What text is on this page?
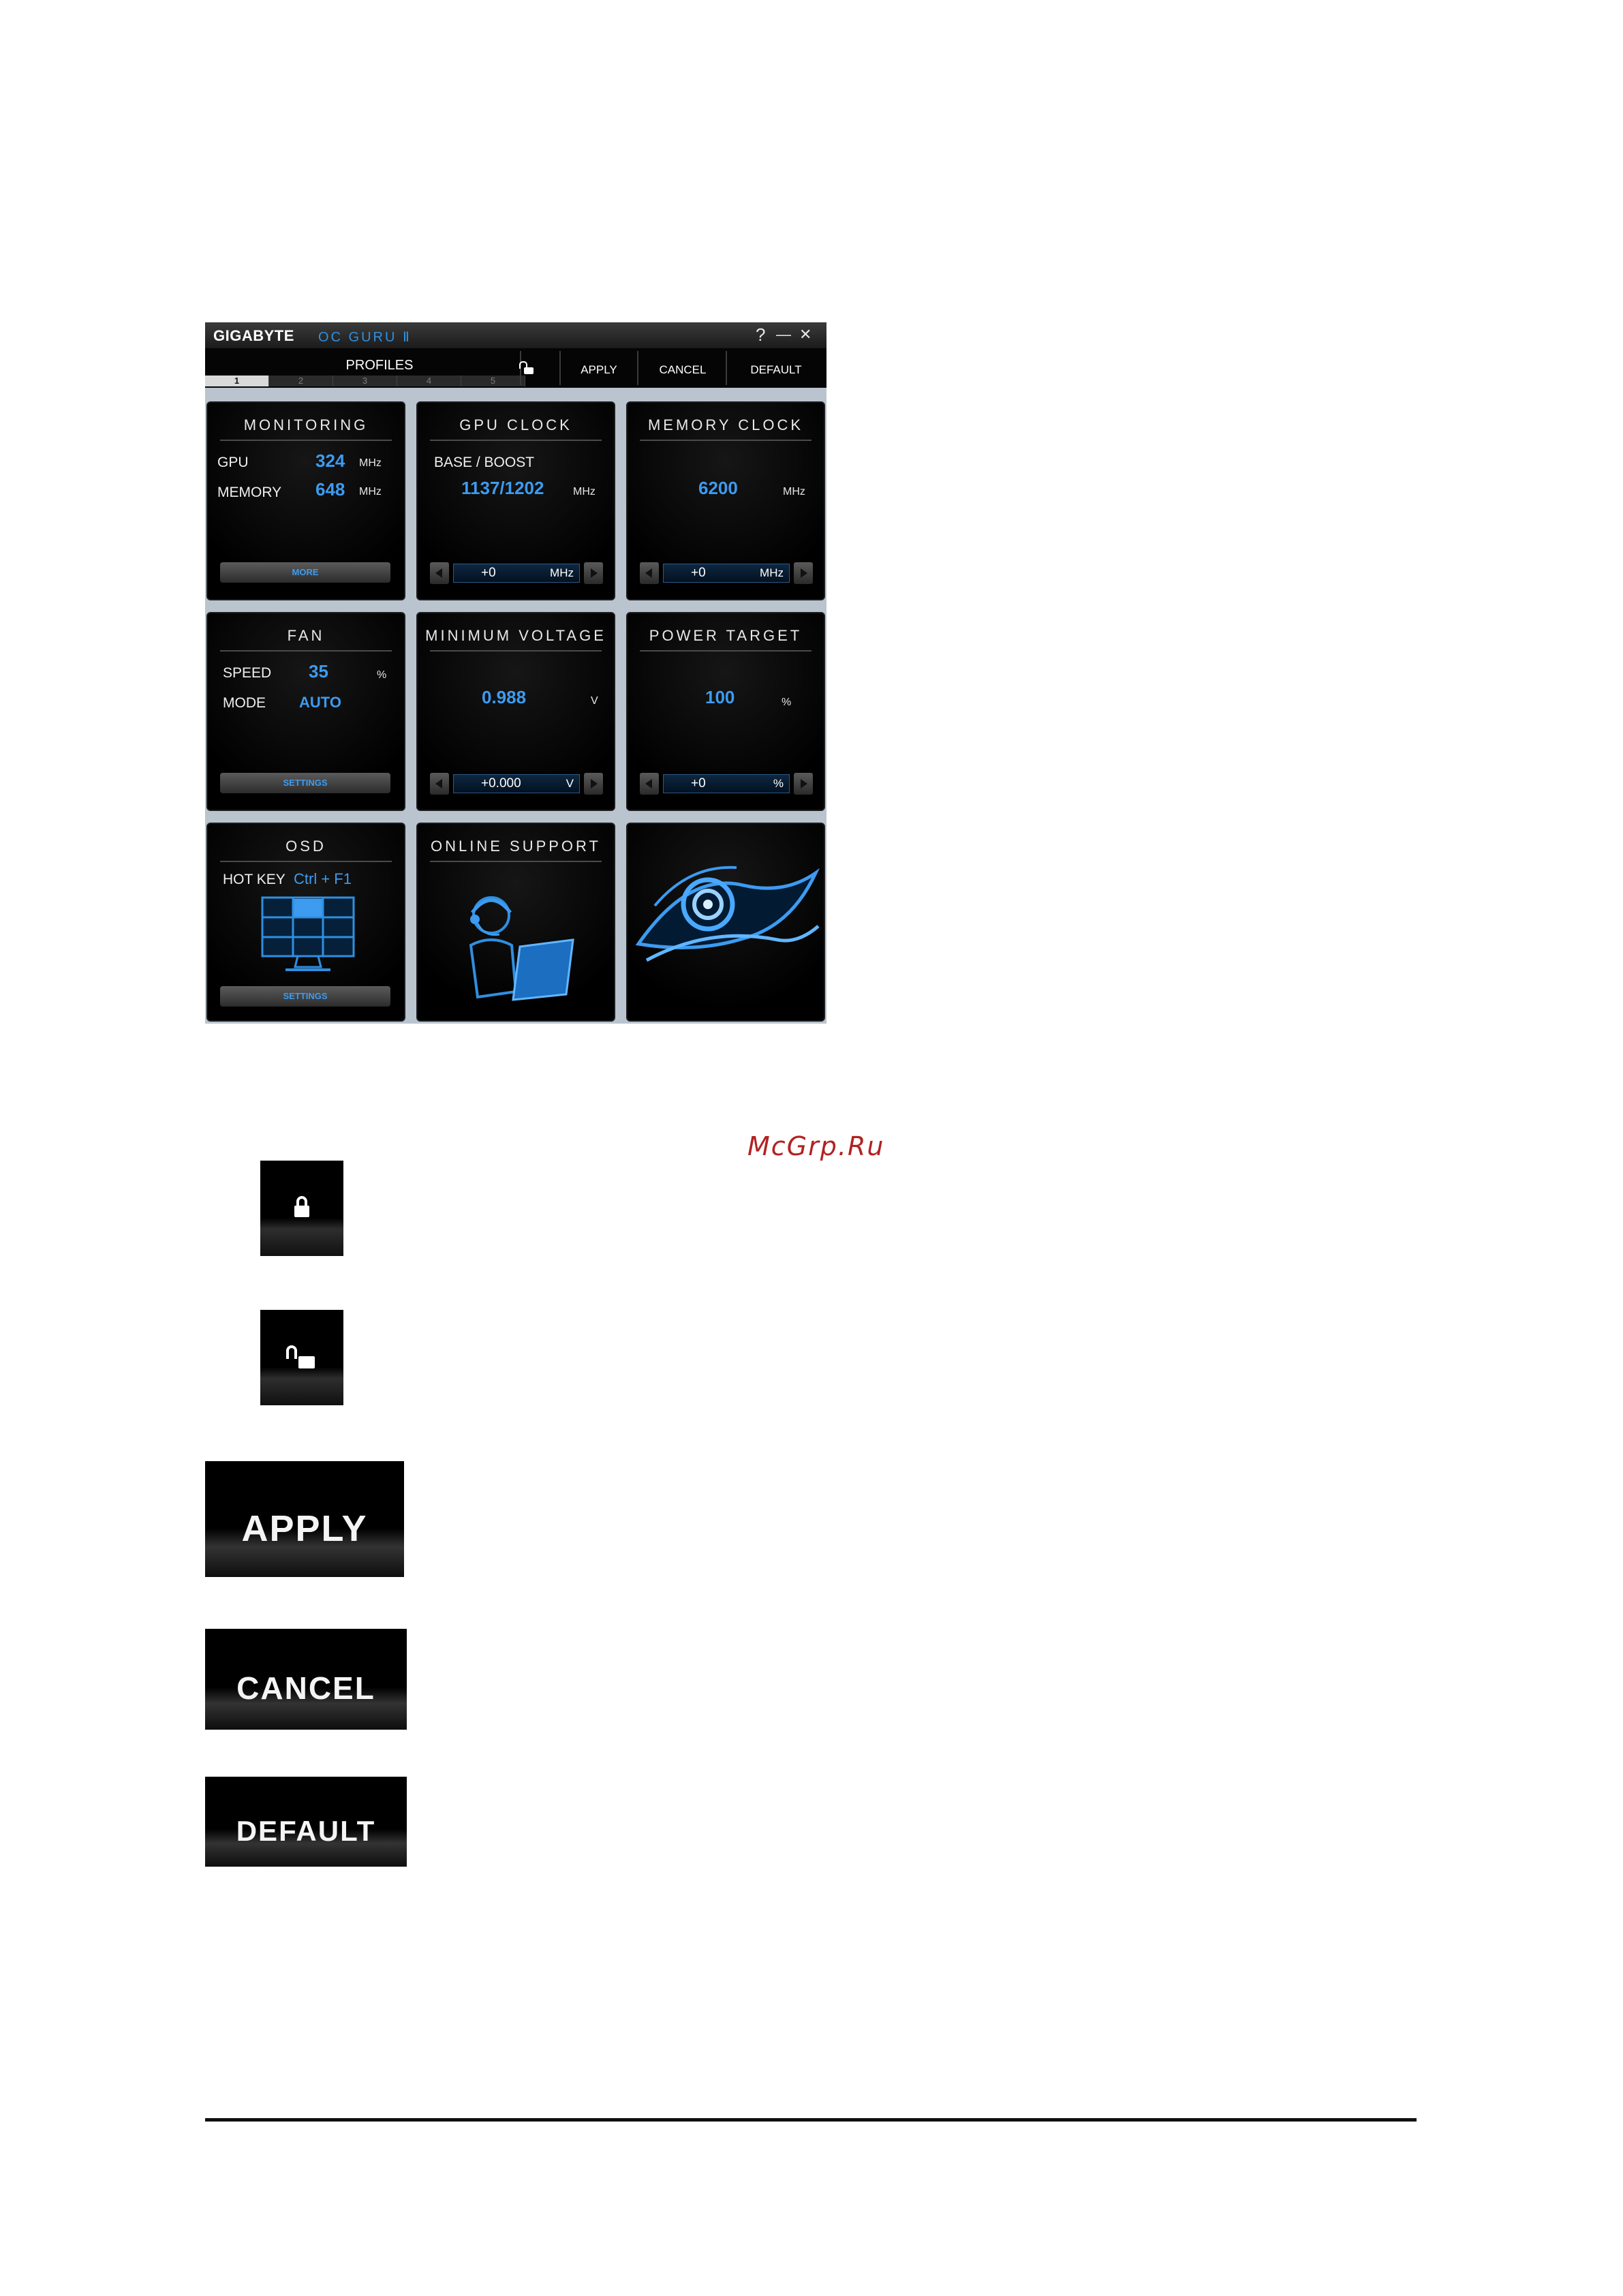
GIGABYTE OC GURU Ⅱ	? — ✕
PROFILES
1	2	3	4	5
APPLY	CANCEL	DEFAULT
MONITORING
GPU	324 MHz
MEMORY 648 MHz
MORE
GPU CLOCK
BASE / BOOST
1137/1202	MHz
+0	MHz
MEMORY CLOCK
6200	MHz
+0	MHz
FAN
SPEED 35	%
MODE AUTO
SETTINGS
MINIMUM VOLTAGE
0.988	V
+0.000	V
POWER TARGET
100	%
+0	%
OSD
HOT KEY Ctrl + F1
SETTINGS
ONLINE SUPPORT
McGrp.Ru
APPLY
CANCEL
DEFAULT
